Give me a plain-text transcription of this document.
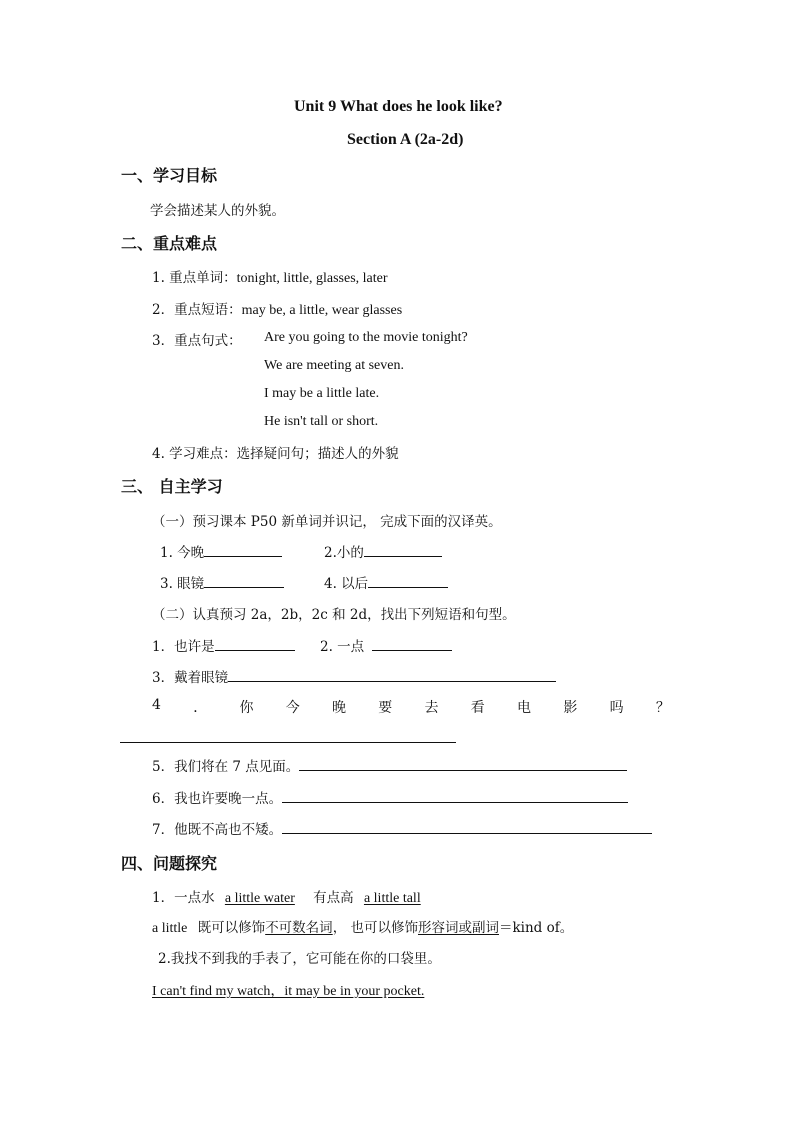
Unit 9 What does he look like?
Section A (2a-2d)
一、学习目标
学会描述某人的外貌。
二、重点难点
1. 重点单词：tonight, little, glasses, later
2．重点短语：may be, a little, wear glasses
3．重点句式： Are you going to the movie tonight?
We are meeting at seven.
I may be a little late.
He isn't tall or short.
4. 学习难点：选择疑问句；描述人的外貌
三、 自主学习
（一）预习课本 P50 新单词并识记， 完成下面的汉译英。
1. 今晚	2.小的
3. 眼镜	4. 以后
（二）认真预习 2a，2b，2c 和 2d，找出下列短语和句型。
1．也许是	2. 一点
3．戴着眼镜
4 ． 你 今 晚 要 去 看 电 影 吗 ？
5．我们将在 7 点见面。
6．我也许要晚一点。
7．他既不高也不矮。
四、问题探究
1．一点水 a little water 有点高 a little tall
a little 既可以修饰不可数名词， 也可以修饰形容词或副词＝kind of。
2.我找不到我的手表了，它可能在你的口袋里。
I can't find my watch，it may be in your pocket.
